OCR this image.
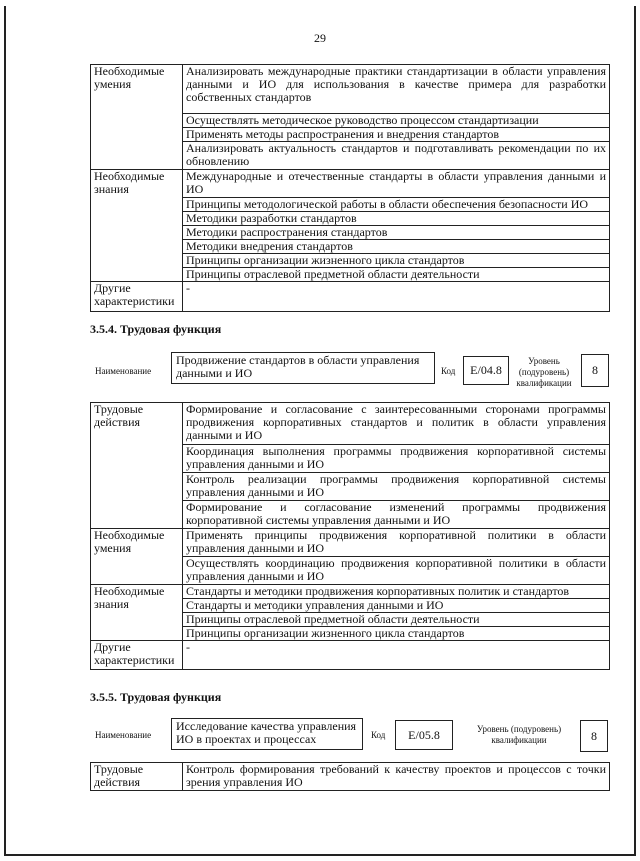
29
Необходимые умения	Анализировать международные практики стандартизации в области управления данными и ИО для использования в качестве примера для разработки собственных стандартов
	Осуществлять методическое руководство процессом стандартизации
	Применять методы распространения и внедрения стандартов
	Анализировать актуальность стандартов и подготавливать рекомендации по их обновлению
Необходимые знания	Международные и отечественные стандарты в области управления данными и ИО
	Принципы методологической работы в области обеспечения безопасности ИО
	Методики разработки стандартов
	Методики распространения стандартов
	Методики внедрения стандартов
	Принципы организации жизненного цикла стандартов
	Принципы отраслевой предметной области деятельности
Другие характеристики	-
3.5.4. Трудовая функция
Наименование
Продвижение стандартов в области управления данными и ИО	Код	E/04.8
Уровень (подуровень) квалификации
8
Трудовые действия	Формирование и согласование с заинтересованными сторонами программы продвижения корпоративных стандартов и политик в области управления данными и ИО
	Координация выполнения программы продвижения корпоративной системы управления данными и ИО
	Контроль реализации программы продвижения корпоративной системы управления данными и ИО
	Формирование и согласование изменений программы продвижения корпоративной системы управления данными и ИО
Необходимые умения	Применять принципы продвижения корпоративной политики в области управления данными и ИО
	Осуществлять координацию продвижения корпоративной политики в области управления данными и ИО
Необходимые знания	Стандарты и методики продвижения корпоративных политик и стандартов
	Стандарты и методики управления данными и ИО
	Принципы отраслевой предметной области деятельности
	Принципы организации жизненного цикла стандартов
Другие характеристики	-
3.5.5. Трудовая функция
Наименование
Исследование качества управления ИО в проектах и процессах	Код	E/05.8	Уровень (подуровень) квалификации	8
Трудовые действия	Контроль формирования требований к качеству проектов и процессов с точки зрения управления ИО
